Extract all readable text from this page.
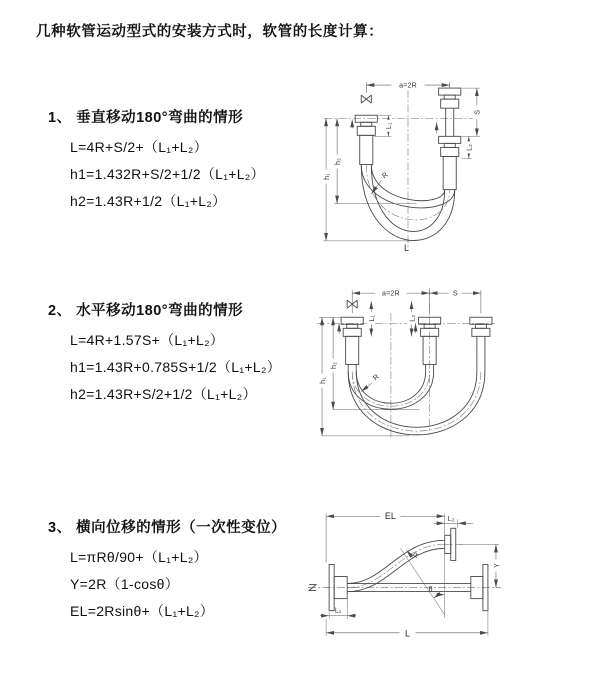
几种软管运动型式的安装方式时，软管的长度计算：
1、 垂直移动180°弯曲的情形
L=4R+S/2+（L₁+L₂）
h1=1.432R+S/2+1/2（L₁+L₂）
h2=1.43R+1/2（L₁+L₂）
2、 水平移动180°弯曲的情形
L=4R+1.57S+（L₁+L₂）
h1=1.43R+0.785S+1/2（L₁+L₂）
h2=1.43R+S/2+1/2（L₁+L₂）
3、 横向位移的情形（一次性变位）
L=πRθ/90+（L₁+L₂）
Y=2R（1-cosθ）
EL=2Rsinθ+（L₁+L₂）
a=2R
S
L₂
L₁
h₁
h₂
R
L
a=2R	S
L₁	L₂
h₁
h₂
R
θ
EL	L₂
Y
R
L₁
L
